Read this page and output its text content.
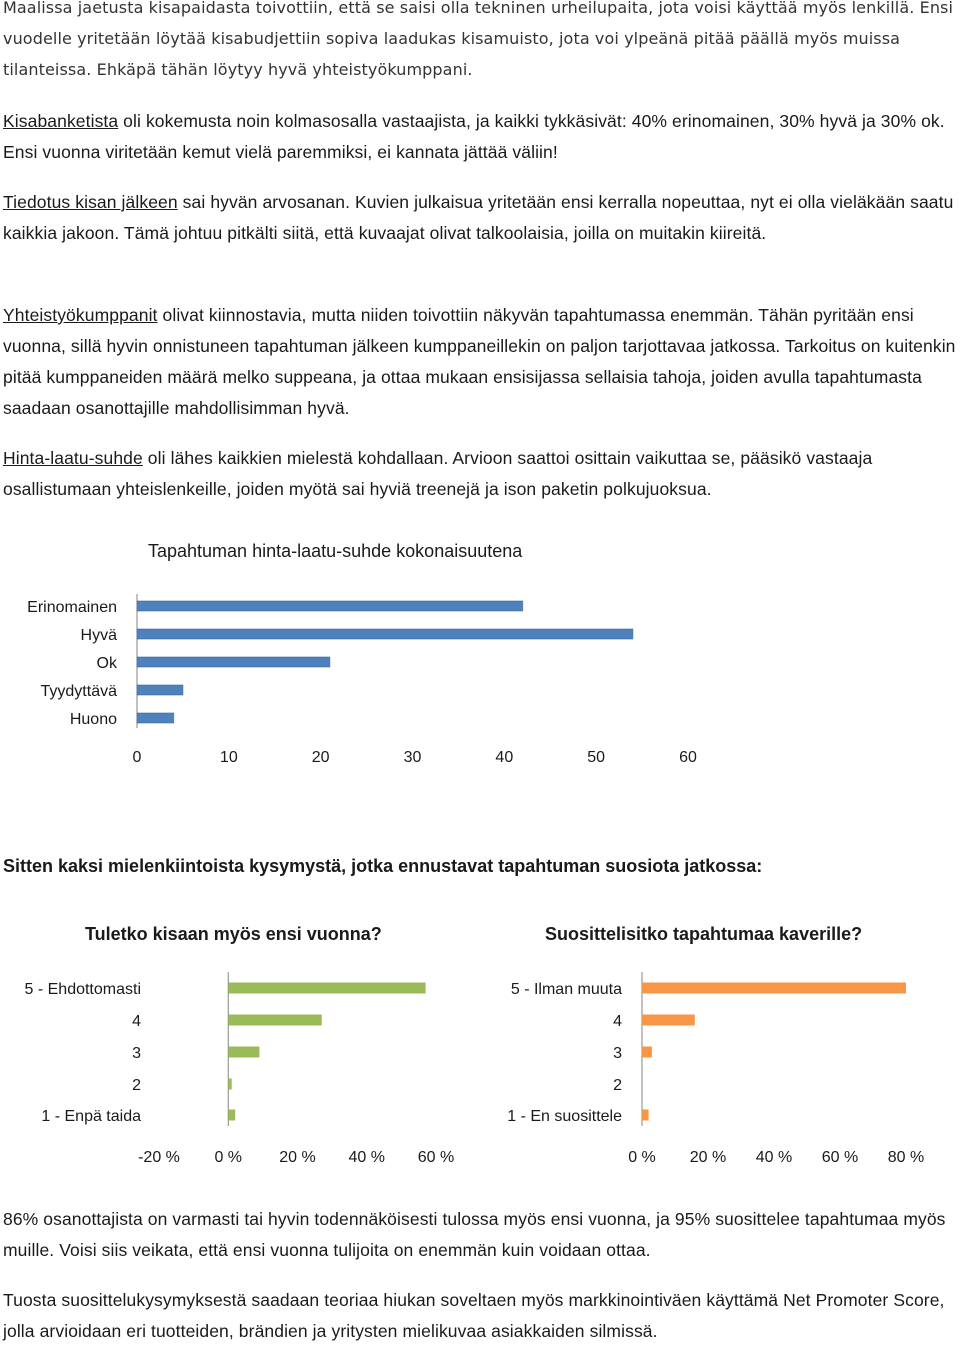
Maalissa jaetusta kisapaidasta toivottiin, että se saisi olla tekninen urheilupaita, jota voisi käyttää myös lenkillä. Ensi vuodelle yritetään löytää kisabudjettiin sopiva laadukas kisamuisto, jota voi ylpeänä pitää päällä myös muissa tilanteissa. Ehkäpä tähän löytyy hyvä yhteistyökumppani.

Kisabanketista oli kokemusta noin kolmasosalla vastaajista, ja kaikki tykkäsivät: 40% erinomainen, 30% hyvä ja 30% ok. Ensi vuonna viritetään kemut vielä paremmiksi, ei kannata jättää väliin!

Tiedotus kisan jälkeen sai hyvän arvosanan. Kuvien julkaisua yritetään ensi kerralla nopeuttaa, nyt ei olla vieläkään saatu kaikkia jakoon. Tämä johtuu pitkälti siitä, että kuvaajat olivat talkoolaisia, joilla on muitakin kiireitä.

Yhteistyökumppanit olivat kiinnostavia, mutta niiden toivottiin näkyvän tapahtumassa enemmän. Tähän pyritään ensi vuonna, sillä hyvin onnistuneen tapahtuman jälkeen kumppaneillekin on paljon tarjottavaa jatkossa. Tarkoitus on kuitenkin pitää kumppaneiden määrä melko suppeana, ja ottaa mukaan ensisijassa sellaisia tahoja, joiden avulla tapahtumasta saadaan osanottajille mahdollisimman hyvä.

Hinta-laatu-suhde oli lähes kaikkien mielestä kohdallaan. Arvioon saattoi osittain vaikuttaa se, pääsikö vastaaja osallistumaan yhteislenkeille, joiden myötä sai hyviä treenejä ja ison paketin polkujuoksua.

Tapahtuman hinta-laatu-suhde kokonaisuutena

Sitten kaksi mielenkiintoista kysymystä, jotka ennustavat tapahtuman suosiota jatkossa:

Tuletko kisaan myös ensi vuonna?	Suosittelisitko tapahtumaa kaverille?

Erinomainen
Hyvä
Ok
Tyydyttävä
Huono
0	10	20	30	40	50	60
5 - Ehdottomasti
4
3
2
1 - Enpä taida
-20 % 0 % 20 % 40 % 60 %
5 - Ilman muuta
4
3
2
1 - En suosittele
0 % 20 % 40 % 60 % 80 %

86% osanottajista on varmasti tai hyvin todennäköisesti tulossa myös ensi vuonna, ja 95% suosittelee tapahtumaa myös muille. Voisi siis veikata, että ensi vuonna tulijoita on enemmän kuin voidaan ottaa.

Tuosta suosittelukysymyksestä saadaan teoriaa hiukan soveltaen myös markkinointiväen käyttämä Net Promoter Score, jolla arvioidaan eri tuotteiden, brändien ja yritysten mielikuvaa asiakkaiden silmissä.
